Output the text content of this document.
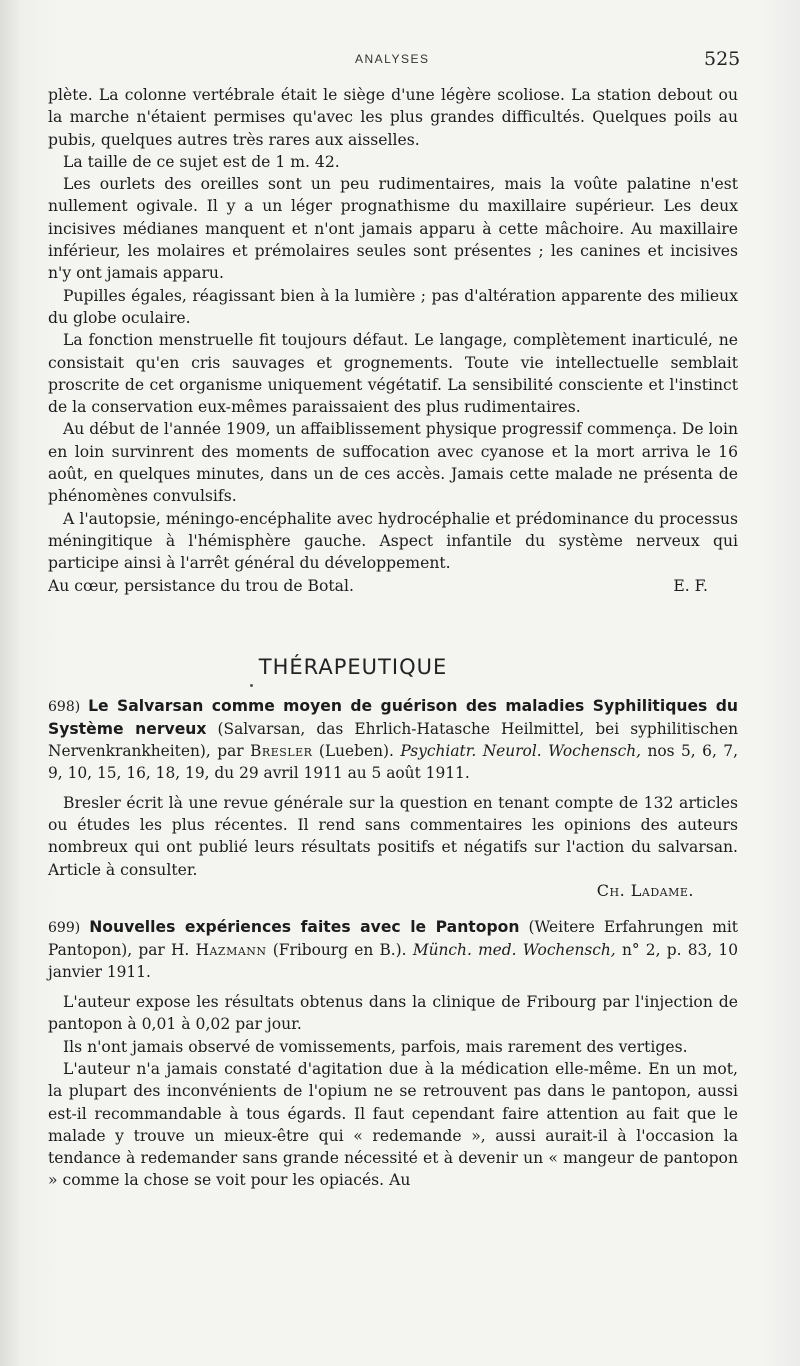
ANALYSES	525

plète. La colonne vertébrale était le siège d'une légère scoliose. La station debout ou la marche n'étaient permises qu'avec les plus grandes difficultés. Quelques poils au pubis, quelques autres très rares aux aisselles.

La taille de ce sujet est de 1 m. 42.

Les ourlets des oreilles sont un peu rudimentaires, mais la voûte palatine n'est nullement ogivale. Il y a un léger prognathisme du maxillaire supérieur. Les deux incisives médianes manquent et n'ont jamais apparu à cette mâchoire. Au maxillaire inférieur, les molaires et prémolaires seules sont présentes ; les canines et incisives n'y ont jamais apparu.

Pupilles égales, réagissant bien à la lumière ; pas d'altération apparente des milieux du globe oculaire.

La fonction menstruelle fit toujours défaut. Le langage, complètement inarticulé, ne consistait qu'en cris sauvages et grognements. Toute vie intellectuelle semblait proscrite de cet organisme uniquement végétatif. La sensibilité consciente et l'instinct de la conservation eux-mêmes paraissaient des plus rudimentaires.

Au début de l'année 1909, un affaiblissement physique progressif commença. De loin en loin survinrent des moments de suffocation avec cyanose et la mort arriva le 16 août, en quelques minutes, dans un de ces accès. Jamais cette malade ne présenta de phénomènes convulsifs.

A l'autopsie, méningo-encéphalite avec hydrocéphalie et prédominance du processus méningitique à l'hémisphère gauche. Aspect infantile du système nerveux qui participe ainsi à l'arrêt général du développement.

Au cœur, persistance du trou de Botal.	E. F.
THÉRAPEUTIQUE

698) Le Salvarsan comme moyen de guérison des maladies Syphilitiques du Système nerveux (Salvarsan, das Ehrlich-Hatasche Heilmittel, bei syphilitischen Nervenkrankheiten), par Bresler (Lueben). Psychiatr. Neurol. Wochensch, nos 5, 6, 7, 9, 10, 15, 16, 18, 19, du 29 avril 1911 au 5 août 1911.

Bresler écrit là une revue générale sur la question en tenant compte de 132 articles ou études les plus récentes. Il rend sans commentaires les opinions des auteurs nombreux qui ont publié leurs résultats positifs et négatifs sur l'action du salvarsan. Article à consulter.

Ch. Ladame.

699) Nouvelles expériences faites avec le Pantopon (Weitere Erfahrungen mit Pantopon), par H. Hazmann (Fribourg en B.). Münch. med. Wochensch, n° 2, p. 83, 10 janvier 1911.

L'auteur expose les résultats obtenus dans la clinique de Fribourg par l'injection de pantopon à 0,01 à 0,02 par jour.

Ils n'ont jamais observé de vomissements, parfois, mais rarement des vertiges.

L'auteur n'a jamais constaté d'agitation due à la médication elle-même. En un mot, la plupart des inconvénients de l'opium ne se retrouvent pas dans le pantopon, aussi est-il recommandable à tous égards. Il faut cependant faire attention au fait que le malade y trouve un mieux-être qui « redemande », aussi aurait-il à l'occasion la tendance à redemander sans grande nécessité et à devenir un « mangeur de pantopon » comme la chose se voit pour les opiacés. Au
